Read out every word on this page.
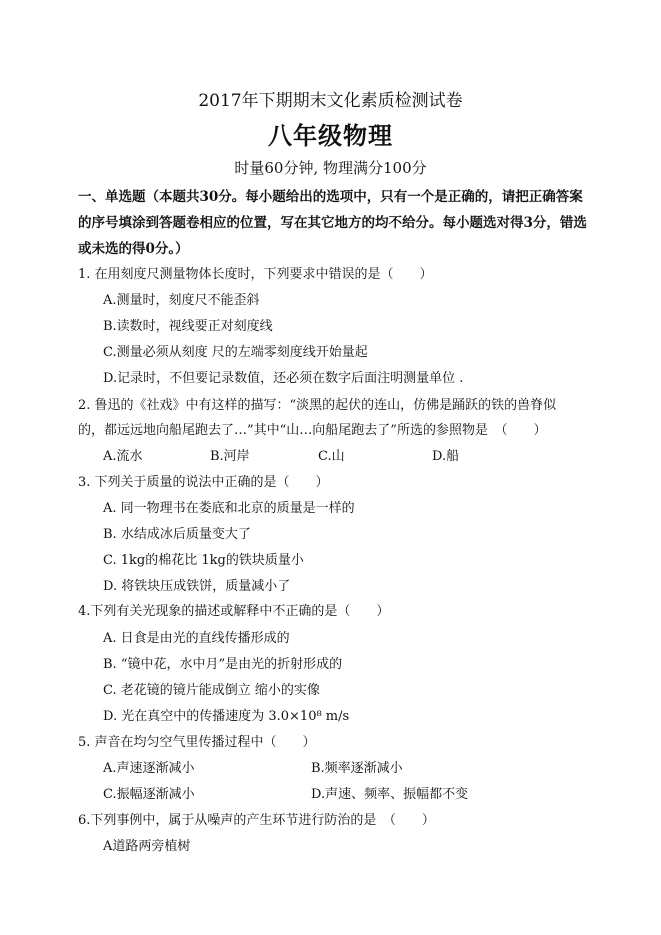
2017年下期期末文化素质检测试卷
八年级物理
时量60分钟, 物理满分100分
一、单选题（本题共30分。每小题给出的选项中，只有一个是正确的，请把正确答案
的序号填涂到答题卷相应的位置，写在其它地方的均不给分。每小题选对得3分，错选
或未选的得0分。）
1. 在用刻度尺测量物体长度时，下列要求中错误的是（　　）
A.测量时，刻度尺不能歪斜
B.读数时，视线要正对刻度线
C.测量必须从刻度 尺的左端零刻度线开始量起
D.记录时，不但要记录数值，还必须在数字后面注明测量单位 .
2. 鲁迅的《社戏》中有这样的描写：“淡黑的起伏的连山，仿佛是踊跃的铁的兽脊似
的，都远远地向船尾跑去了…”其中“山…向船尾跑去了”所选的参照物是　（　　）
A.流水	B.河岸	C.山	D.船
3. 下列关于质量的说法中正确的是（　　）
A. 同一物理书在娄底和北京的质量是一样的
B. 水结成冰后质量变大了
C. 1kg的棉花比 1kg的铁块质量小
D. 将铁块压成铁饼，质量减小了
4.下列有关光现象的描述或解释中不正确的是（　　）
A. 日食是由光的直线传播形成的
B. “镜中花，水中月”是由光的折射形成的
C. 老花镜的镜片能成倒立 缩小的实像
D. 光在真空中的传播速度为 3.0×10⁸ m/s
5. 声音在均匀空气里传播过程中（　　）
A.声速逐渐减小	B.频率逐渐减小
C.振幅逐渐减小	D.声速、频率、振幅都不变
6.下列事例中，属于从噪声的产生环节进行防治的是　（　　）
A道路两旁植树
